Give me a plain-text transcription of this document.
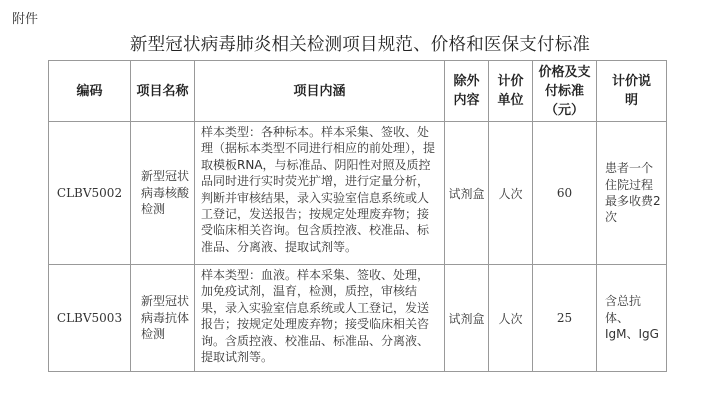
附件
新型冠状病毒肺炎相关检测项目规范、价格和医保支付标准
编码	项目名称	项目内涵	除外内容	计价单位	价格及支付标准（元）	计价说明
CLBV5002	新型冠状病毒核酸检测	样本类型：各种标本。样本采集、签收、处理（据标本类型不同进行相应的前处理），提取模板RNA，与标准品、阴阳性对照及质控品同时进行实时荧光扩增，进行定量分析，判断并审核结果，录入实验室信息系统或人工登记，发送报告；按规定处理废弃物；接受临床相关咨询。包含质控液、校准品、标准品、分离液、提取试剂等。	试剂盒	人次	60	患者一个住院过程最多收费2次
CLBV5003	新型冠状病毒抗体检测	样本类型：血液。样本采集、签收、处理，加免疫试剂，温育，检测，质控，审核结果，录入实验室信息系统或人工登记，发送报告；按规定处理废弃物；接受临床相关咨询。含质控液、校准品、标准品、分离液、提取试剂等。	试剂盒	人次	25	含总抗体、IgM、IgG
